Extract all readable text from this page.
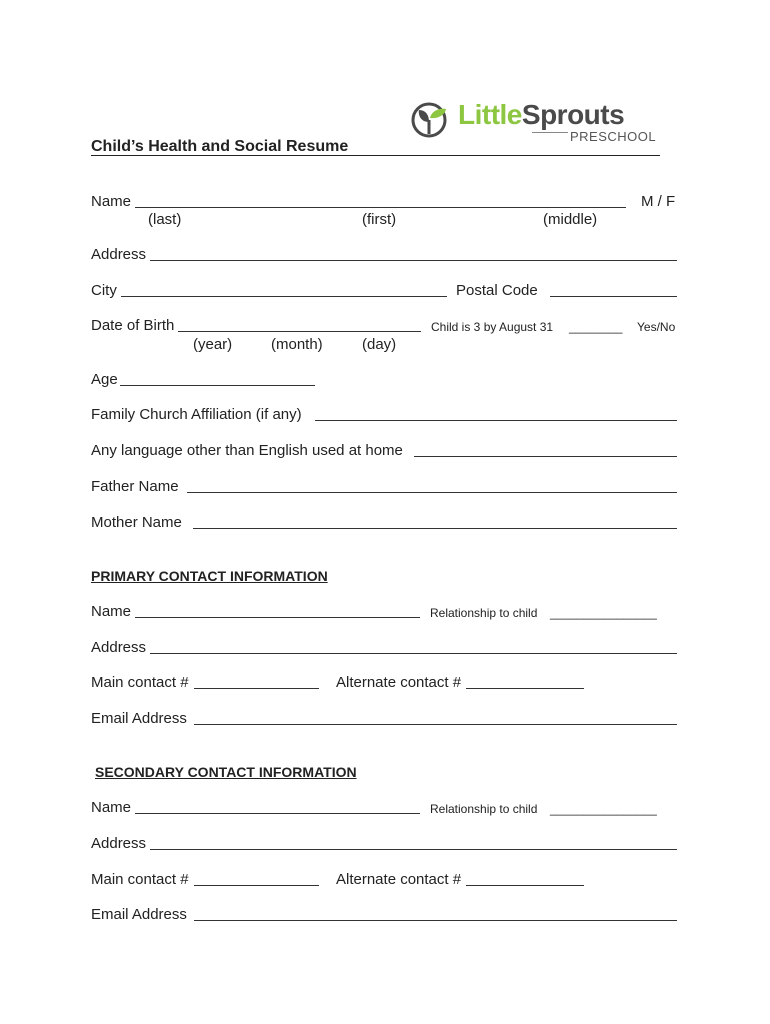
LittleSprouts
PRESCHOOL
Child’s Health and Social Resume
Name	M / F
(last)	(first)	(middle)
Address
City	Postal Code
Date of Birth	Child is 3 by August 31 ________ Yes/No
(year)	(month)	(day)
Age
Family Church Affiliation (if any)
Any language other than English used at home
Father Name
Mother Name
PRIMARY CONTACT INFORMATION
Name	Relationship to child ________________
Address
Main contact #	Alternate contact #
Email Address
SECONDARY CONTACT INFORMATION
Name	Relationship to child ________________
Address
Main contact #	Alternate contact #
Email Address
